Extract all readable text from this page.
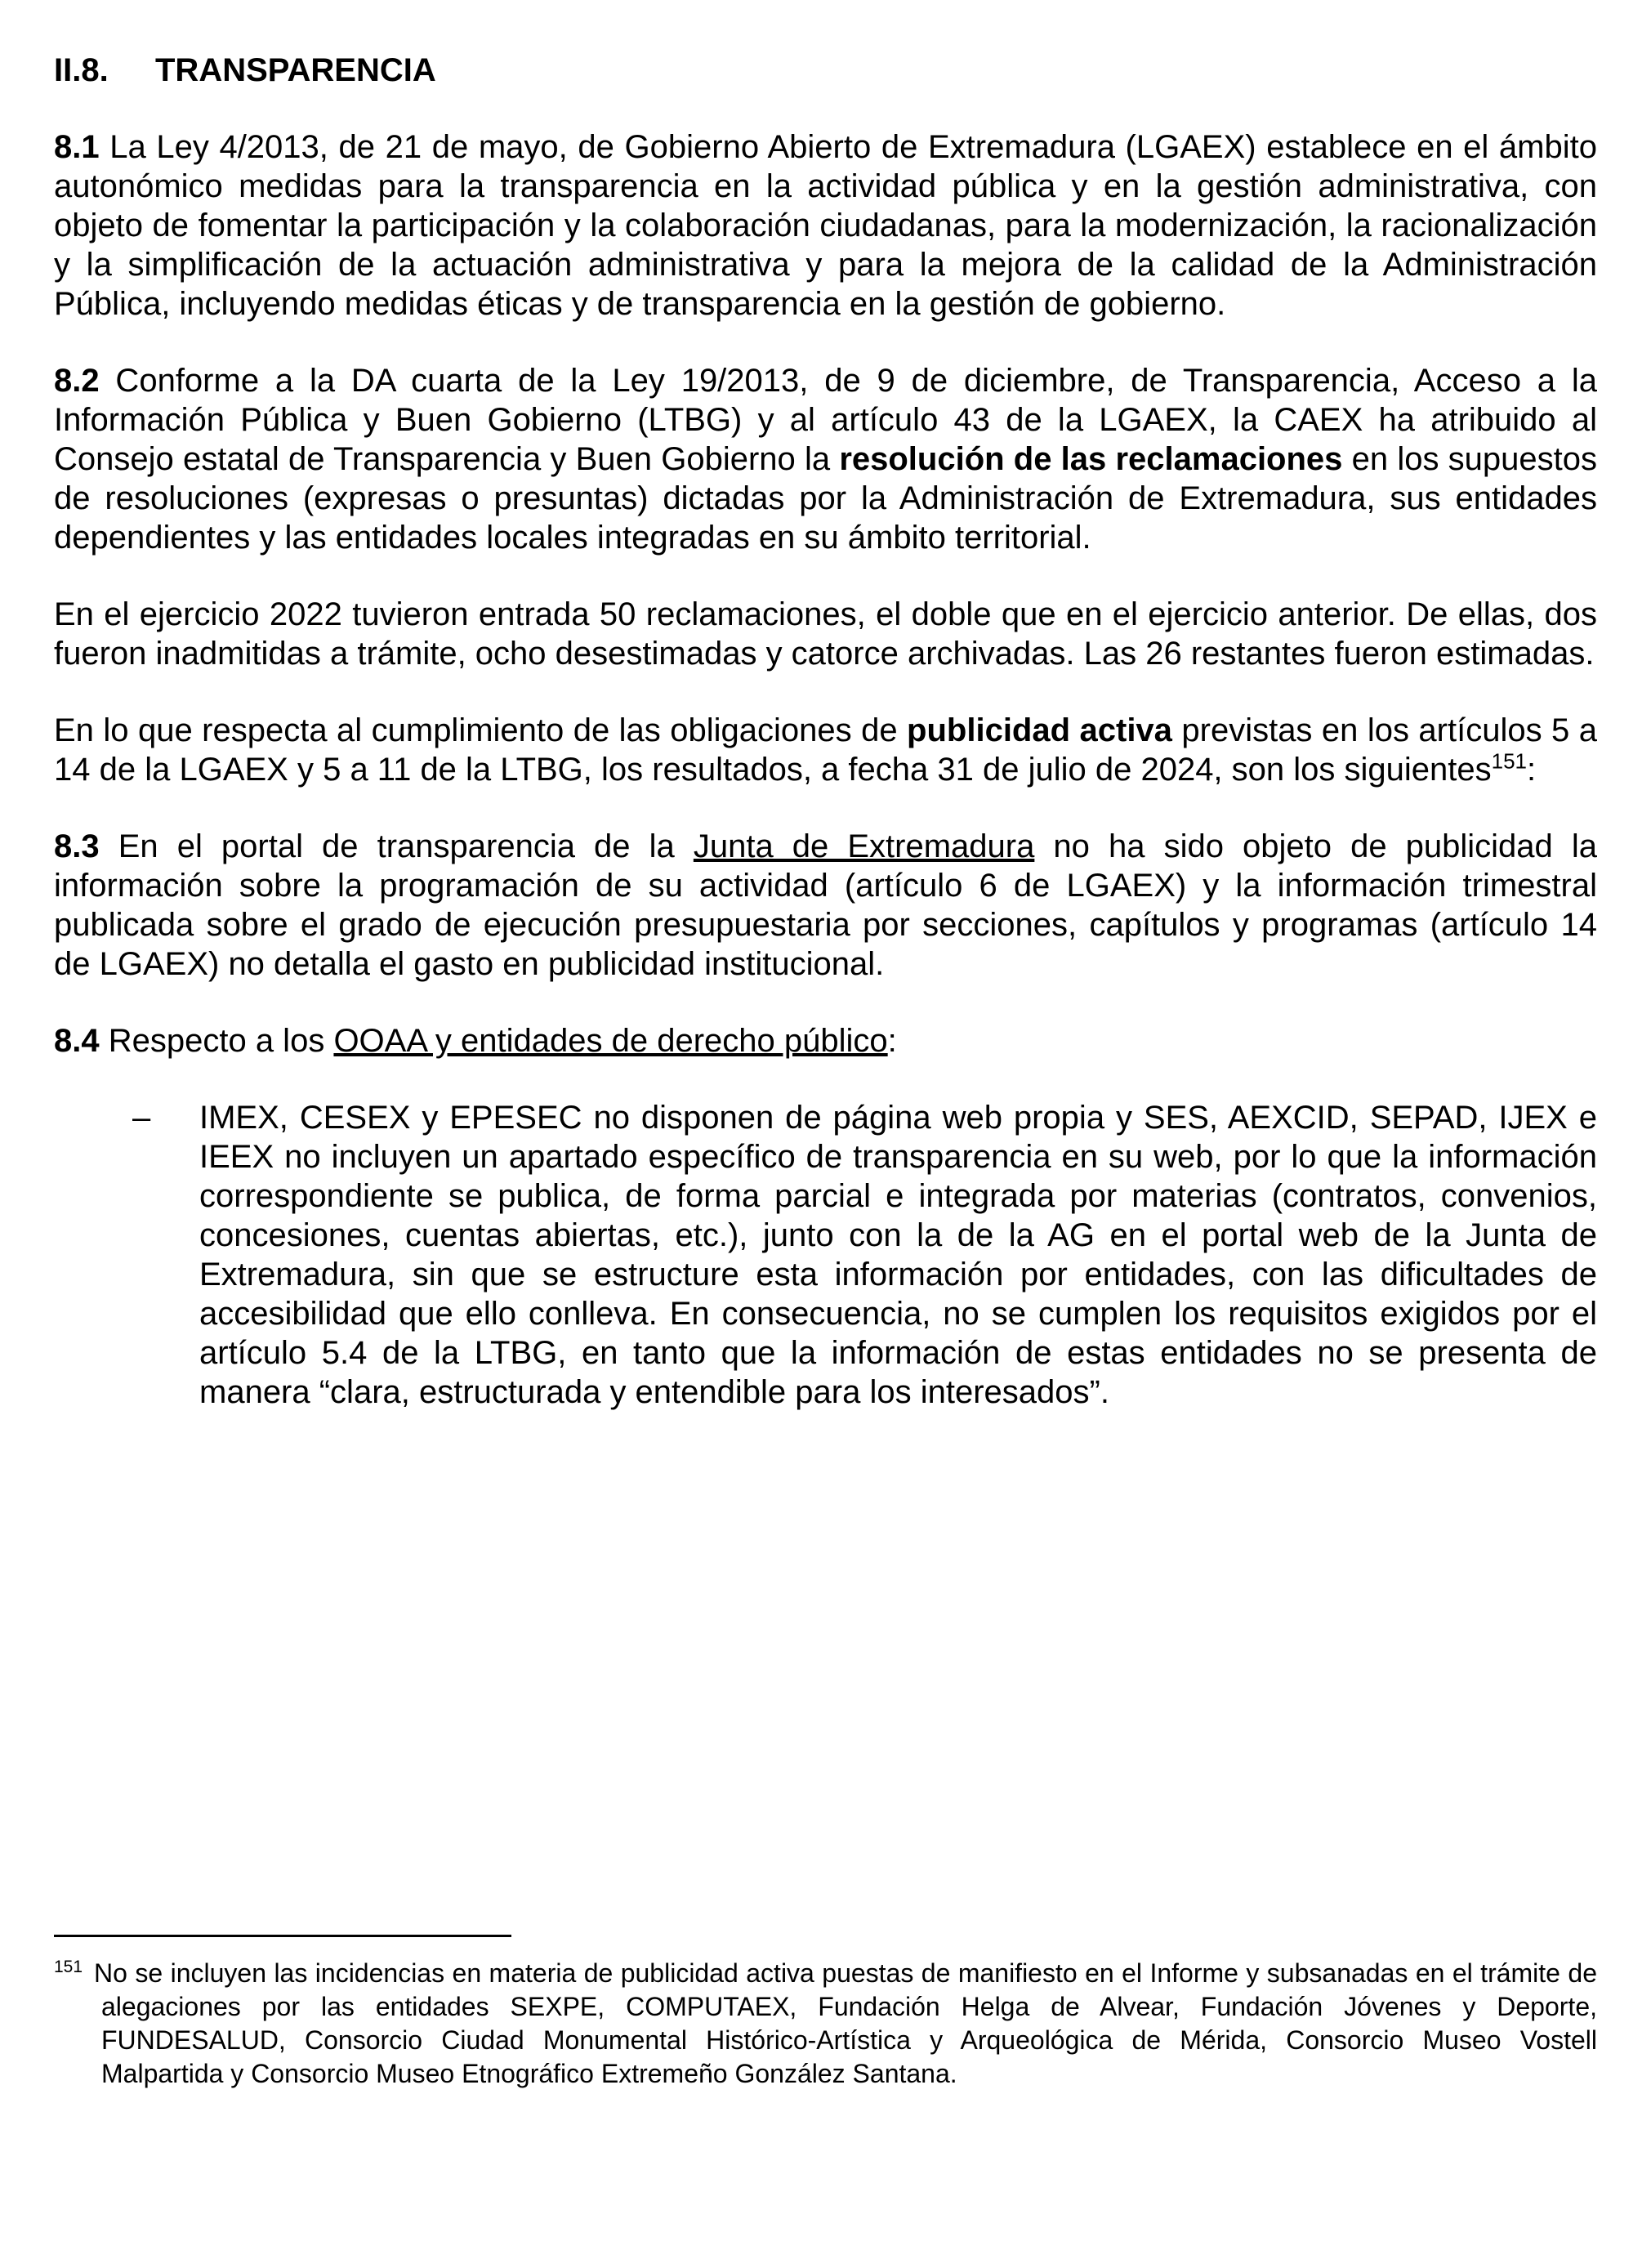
II.8. TRANSPARENCIA

8.1 La Ley 4/2013, de 21 de mayo, de Gobierno Abierto de Extremadura (LGAEX) establece en el ámbito autonómico medidas para la transparencia en la actividad pública y en la gestión administrativa, con objeto de fomentar la participación y la colaboración ciudadanas, para la modernización, la racionalización y la simplificación de la actuación administrativa y para la mejora de la calidad de la Administración Pública, incluyendo medidas éticas y de transparencia en la gestión de gobierno.

8.2 Conforme a la DA cuarta de la Ley 19/2013, de 9 de diciembre, de Transparencia, Acceso a la Información Pública y Buen Gobierno (LTBG) y al artículo 43 de la LGAEX, la CAEX ha atribuido al Consejo estatal de Transparencia y Buen Gobierno la resolución de las reclamaciones en los supuestos de resoluciones (expresas o presuntas) dictadas por la Administración de Extremadura, sus entidades dependientes y las entidades locales integradas en su ámbito territorial.

En el ejercicio 2022 tuvieron entrada 50 reclamaciones, el doble que en el ejercicio anterior. De ellas, dos fueron inadmitidas a trámite, ocho desestimadas y catorce archivadas. Las 26 restantes fueron estimadas.

En lo que respecta al cumplimiento de las obligaciones de publicidad activa previstas en los artículos 5 a 14 de la LGAEX y 5 a 11 de la LTBG, los resultados, a fecha 31 de julio de 2024, son los siguientes$^{151}$:

8.3 En el portal de transparencia de la Junta de Extremadura no ha sido objeto de publicidad la información sobre la programación de su actividad (artículo 6 de LGAEX) y la información trimestral publicada sobre el grado de ejecución presupuestaria por secciones, capítulos y programas (artículo 14 de LGAEX) no detalla el gasto en publicidad institucional.

8.4 Respecto a los OOAA y entidades de derecho público:

– IMEX, CESEX y EPESEC no disponen de página web propia y SES, AEXCID, SEPAD, IJEX e IEEX no incluyen un apartado específico de transparencia en su web, por lo que la información correspondiente se publica, de forma parcial e integrada por materias (contratos, convenios, concesiones, cuentas abiertas, etc.), junto con la de la AG en el portal web de la Junta de Extremadura, sin que se estructure esta información por entidades, con las dificultades de accesibilidad que ello conlleva. En consecuencia, no se cumplen los requisitos exigidos por el artículo 5.4 de la LTBG, en tanto que la información de estas entidades no se presenta de manera “clara, estructurada y entendible para los interesados”.
$^{151}$ No se incluyen las incidencias en materia de publicidad activa puestas de manifiesto en el Informe y subsanadas en el trámite de alegaciones por las entidades SEXPE, COMPUTAEX, Fundación Helga de Alvear, Fundación Jóvenes y Deporte, FUNDESALUD, Consorcio Ciudad Monumental Histórico-Artística y Arqueológica de Mérida, Consorcio Museo Vostell Malpartida y Consorcio Museo Etnográfico Extremeño González Santana.
